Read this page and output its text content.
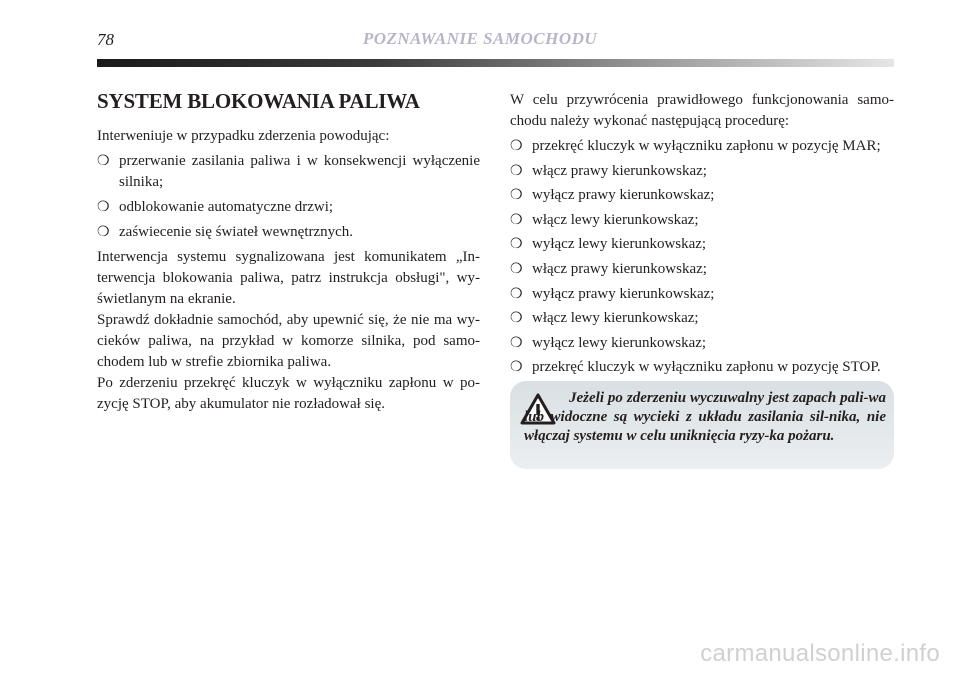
78	POZNAWANIE SAMOCHODU
SYSTEM BLOKOWANIA PALIWA

Interweniuje w przypadku zderzenia powodując:

❍ przerwanie zasilania paliwa i w konsekwencji wyłączenie silnika;
❍ odblokowanie automatyczne drzwi;
❍ zaświecenie się świateł wewnętrznych.

Interwencja systemu sygnalizowana jest komunikatem „In-terwencja blokowania paliwa, patrz instrukcja obsługi", wy-świetlanym na ekranie.

Sprawdź dokładnie samochód, aby upewnić się, że nie ma wy-cieków paliwa, na przykład w komorze silnika, pod samo-chodem lub w strefie zbiornika paliwa.

Po zderzeniu przekręć kluczyk w wyłączniku zapłonu w po-zycję STOP, aby akumulator nie rozładował się.

W celu przywrócenia prawidłowego funkcjonowania samo-chodu należy wykonać następującą procedurę:

❍ przekręć kluczyk w wyłączniku zapłonu w pozycję MAR;
❍ włącz prawy kierunkowskaz;
❍ wyłącz prawy kierunkowskaz;
❍ włącz lewy kierunkowskaz;
❍ wyłącz lewy kierunkowskaz;
❍ włącz prawy kierunkowskaz;
❍ wyłącz prawy kierunkowskaz;
❍ włącz lewy kierunkowskaz;
❍ wyłącz lewy kierunkowskaz;
❍ przekręć kluczyk w wyłączniku zapłonu w pozycję STOP.

Jeżeli po zderzeniu wyczuwalny jest zapach pali-wa lub widoczne są wycieki z układu zasilania sil-nika, nie włączaj systemu w celu uniknięcia ryzy-ka pożaru.

carmanualsonline.info
